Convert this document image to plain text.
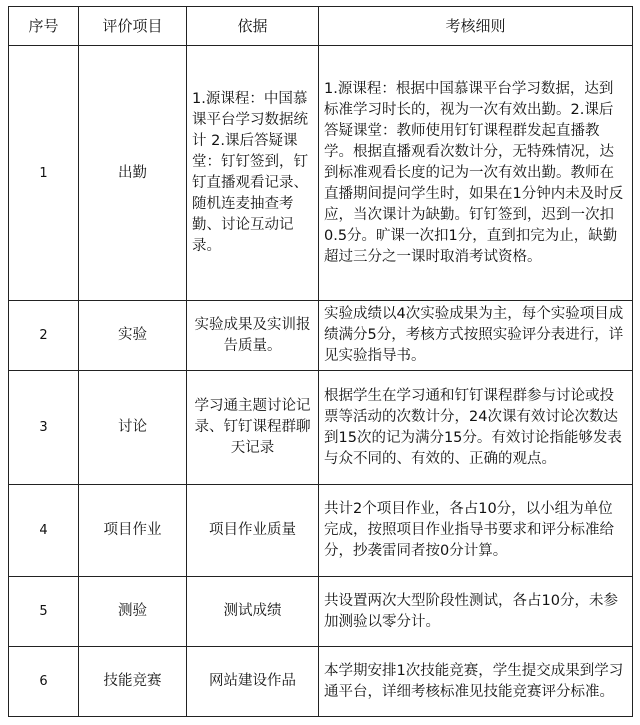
序号	评价项目	依据	考核细则
1	出勤	1.源课程：中国慕课平台学习数据统计 2.课后答疑课堂：钉钉签到，钉钉直播观看记录、随机连麦抽查考勤、讨论互动记录。	1.源课程：根据中国慕课平台学习数据，达到标准学习时长的，视为一次有效出勤。2.课后答疑课堂：教师使用钉钉课程群发起直播教学。根据直播观看次数计分，无特殊情况，达到标准观看长度的记为一次有效出勤。教师在直播期间提问学生时，如果在1分钟内未及时反应，当次课计为缺勤。钉钉签到，迟到一次扣0.5分。旷课一次扣1分，直到扣完为止，缺勤超过三分之一课时取消考试资格。
2	实验	实验成果及实训报告质量。	实验成绩以4次实验成果为主，每个实验项目成绩满分5分，考核方式按照实验评分表进行，详见实验指导书。
3	讨论	学习通主题讨论记录、钉钉课程群聊天记录	根据学生在学习通和钉钉课程群参与讨论或投票等活动的次数计分，24次课有效讨论次数达到15次的记为满分15分。有效讨论指能够发表与众不同的、有效的、正确的观点。
4	项目作业	项目作业质量	共计2个项目作业，各占10分，以小组为单位完成，按照项目作业指导书要求和评分标准给分，抄袭雷同者按0分计算。
5	测验	测试成绩	共设置两次大型阶段性测试，各占10分，未参加测验以零分计。
6	技能竞赛	网站建设作品	本学期安排1次技能竞赛，学生提交成果到学习通平台，详细考核标准见技能竞赛评分标准。
